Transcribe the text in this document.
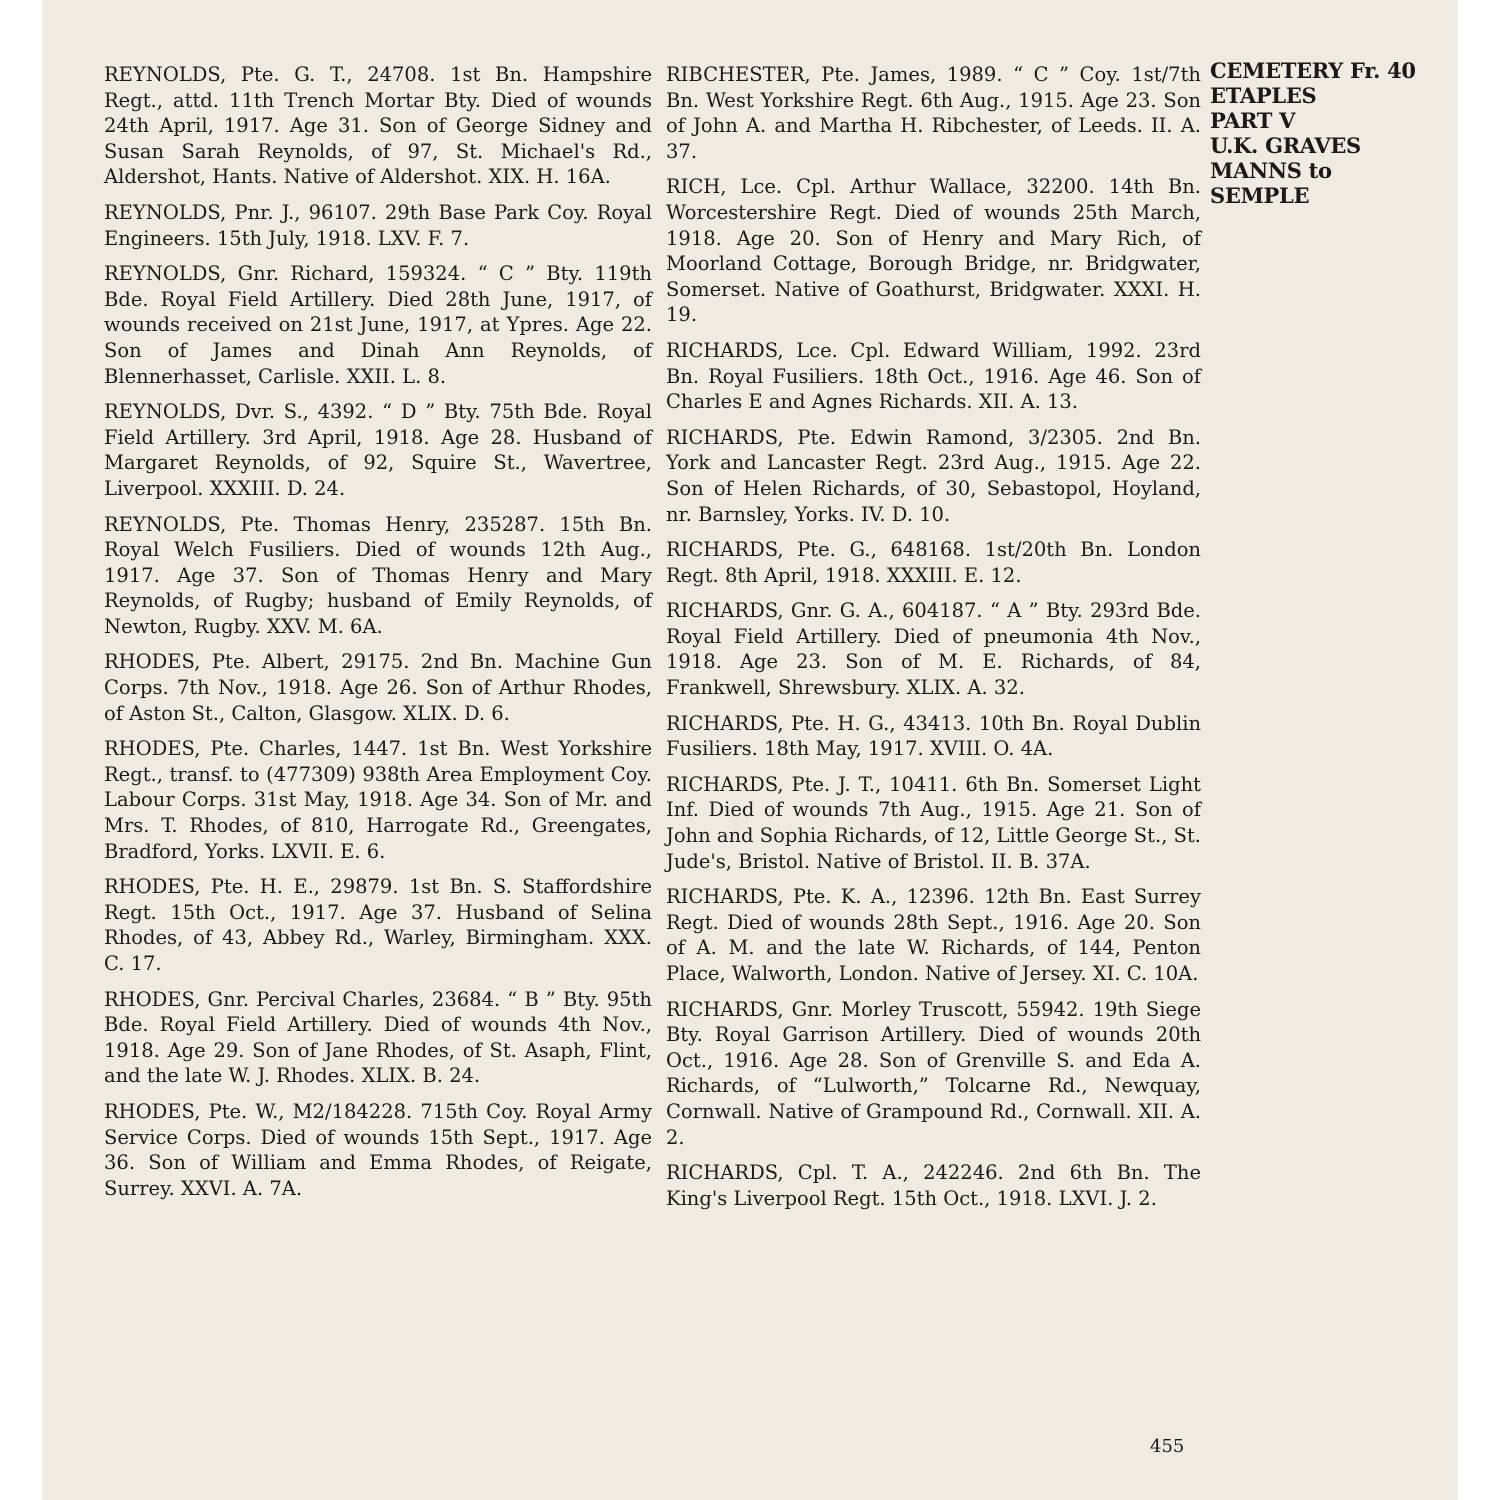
REYNOLDS, Pte. G. T., 24708. 1st Bn. Hampshire Regt., attd. 11th Trench Mortar Bty. Died of wounds 24th April, 1917. Age 31. Son of George Sidney and Susan Sarah Reynolds, of 97, St. Michael's Rd., Aldershot, Hants. Native of Aldershot. XIX. H. 16A.

REYNOLDS, Pnr. J., 96107. 29th Base Park Coy. Royal Engineers. 15th July, 1918. LXV. F. 7.

REYNOLDS, Gnr. Richard, 159324. “ C ” Bty. 119th Bde. Royal Field Artillery. Died 28th June, 1917, of wounds received on 21st June, 1917, at Ypres. Age 22. Son of James and Dinah Ann Reynolds, of Blennerhasset, Carlisle. XXII. L. 8.

REYNOLDS, Dvr. S., 4392. “ D ” Bty. 75th Bde. Royal Field Artillery. 3rd April, 1918. Age 28. Husband of Margaret Reynolds, of 92, Squire St., Wavertree, Liverpool. XXXIII. D. 24.

REYNOLDS, Pte. Thomas Henry, 235287. 15th Bn. Royal Welch Fusiliers. Died of wounds 12th Aug., 1917. Age 37. Son of Thomas Henry and Mary Reynolds, of Rugby; husband of Emily Reynolds, of Newton, Rugby. XXV. M. 6A.

RHODES, Pte. Albert, 29175. 2nd Bn. Machine Gun Corps. 7th Nov., 1918. Age 26. Son of Arthur Rhodes, of Aston St., Calton, Glasgow. XLIX. D. 6.

RHODES, Pte. Charles, 1447. 1st Bn. West Yorkshire Regt., transf. to (477309) 938th Area Employment Coy. Labour Corps. 31st May, 1918. Age 34. Son of Mr. and Mrs. T. Rhodes, of 810, Harrogate Rd., Greengates, Bradford, Yorks. LXVII. E. 6.

RHODES, Pte. H. E., 29879. 1st Bn. S. Staffordshire Regt. 15th Oct., 1917. Age 37. Husband of Selina Rhodes, of 43, Abbey Rd., Warley, Birmingham. XXX. C. 17.

RHODES, Gnr. Percival Charles, 23684. “ B ” Bty. 95th Bde. Royal Field Artillery. Died of wounds 4th Nov., 1918. Age 29. Son of Jane Rhodes, of St. Asaph, Flint, and the late W. J. Rhodes. XLIX. B. 24.

RHODES, Pte. W., M2/184228. 715th Coy. Royal Army Service Corps. Died of wounds 15th Sept., 1917. Age 36. Son of William and Emma Rhodes, of Reigate, Surrey. XXVI. A. 7A.

RIBCHESTER, Pte. James, 1989. “ C ” Coy. 1st/7th Bn. West Yorkshire Regt. 6th Aug., 1915. Age 23. Son of John A. and Martha H. Ribchester, of Leeds. II. A. 37.

RICH, Lce. Cpl. Arthur Wallace, 32200. 14th Bn. Worcestershire Regt. Died of wounds 25th March, 1918. Age 20. Son of Henry and Mary Rich, of Moorland Cottage, Borough Bridge, nr. Bridgwater, Somerset. Native of Goathurst, Bridgwater. XXXI. H. 19.

RICHARDS, Lce. Cpl. Edward William, 1992. 23rd Bn. Royal Fusiliers. 18th Oct., 1916. Age 46. Son of Charles E and Agnes Richards. XII. A. 13.

RICHARDS, Pte. Edwin Ramond, 3/2305. 2nd Bn. York and Lancaster Regt. 23rd Aug., 1915. Age 22. Son of Helen Richards, of 30, Sebastopol, Hoyland, nr. Barnsley, Yorks. IV. D. 10.

RICHARDS, Pte. G., 648168. 1st/20th Bn. London Regt. 8th April, 1918. XXXIII. E. 12.

RICHARDS, Gnr. G. A., 604187. “ A ” Bty. 293rd Bde. Royal Field Artillery. Died of pneumonia 4th Nov., 1918. Age 23. Son of M. E. Richards, of 84, Frankwell, Shrewsbury. XLIX. A. 32.

RICHARDS, Pte. H. G., 43413. 10th Bn. Royal Dublin Fusiliers. 18th May, 1917. XVIII. O. 4A.

RICHARDS, Pte. J. T., 10411. 6th Bn. Somerset Light Inf. Died of wounds 7th Aug., 1915. Age 21. Son of John and Sophia Richards, of 12, Little George St., St. Jude's, Bristol. Native of Bristol. II. B. 37A.

RICHARDS, Pte. K. A., 12396. 12th Bn. East Surrey Regt. Died of wounds 28th Sept., 1916. Age 20. Son of A. M. and the late W. Richards, of 144, Penton Place, Walworth, London. Native of Jersey. XI. C. 10A.

RICHARDS, Gnr. Morley Truscott, 55942. 19th Siege Bty. Royal Garrison Artillery. Died of wounds 20th Oct., 1916. Age 28. Son of Grenville S. and Eda A. Richards, of “Lulworth,” Tolcarne Rd., Newquay, Cornwall. Native of Grampound Rd., Cornwall. XII. A. 2.

RICHARDS, Cpl. T. A., 242246. 2nd 6th Bn. The King's Liverpool Regt. 15th Oct., 1918. LXVI. J. 2.

CEMETERY Fr. 40
ETAPLES
PART V
U.K. GRAVES
MANNS to
SEMPLE
455
